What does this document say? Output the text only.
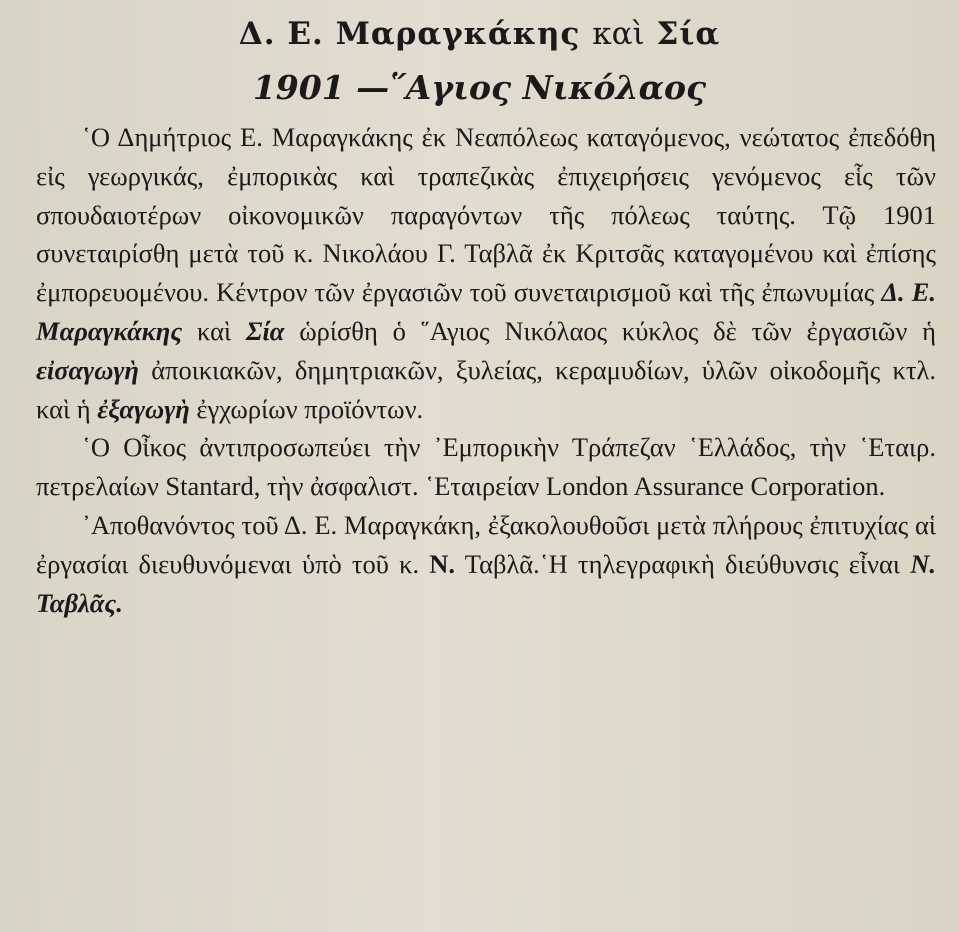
Δ. Ε. Μαραγκάκης καὶ Σία
1901 —῞Αγιος Νικόλαος

῾Ο Δημήτριος Ε. Μαραγκάκης ἐκ Νεαπόλεως καταγόμενος, νεώτατος ἐπεδόθη εἰς γεωργικάς, ἐμπορικὰς καὶ τραπεζικὰς ἐπιχειρήσεις γενόμενος εἷς τῶν σπουδαιοτέρων οἰκονομικῶν παραγόντων τῆς πόλεως ταύτης. Τῷ 1901 συνεταιρίσθη μετὰ τοῦ κ. Νικολάου Γ. Ταβλᾶ ἐκ Κριτσᾶς καταγομένου καὶ ἐπίσης ἐμπορευομένου. Κέντρον τῶν ἐργασιῶν τοῦ συνεταιρισμοῦ καὶ τῆς ἐπωνυμίας Δ. Ε. Μαραγκάκης καὶ Σία ὡρίσθη ὁ ῞Αγιος Νικόλαος κύκλος δὲ τῶν ἐργασιῶν ἡ εἰσαγωγὴ ἀποικιακῶν, δημητριακῶν, ξυλείας, κεραμυδίων, ὑλῶν οἰκοδομῆς κτλ. καὶ ἡ ἐξαγωγὴ ἐγχωρίων προϊόντων.

῾Ο Οἶκος ἀντιπροσωπεύει τὴν ᾽Εμπορικὴν Τράπεζαν ῾Ελλάδος, τὴν ῾Εταιρ. πετρελαίων Stantard, τὴν ἀσφαλιστ. ῾Εταιρείαν London Assurance Corporation.

᾽Αποθανόντος τοῦ Δ. Ε. Μαραγκάκη, ἐξακολουθοῦσι μετὰ πλήρους ἐπιτυχίας αἱ ἐργασίαι διευθυνόμεναι ὑπὸ τοῦ κ. Ν. Ταβλᾶ.῾Η τηλεγραφικὴ διεύθυνσις εἶναι Ν. Ταβλᾶς.
